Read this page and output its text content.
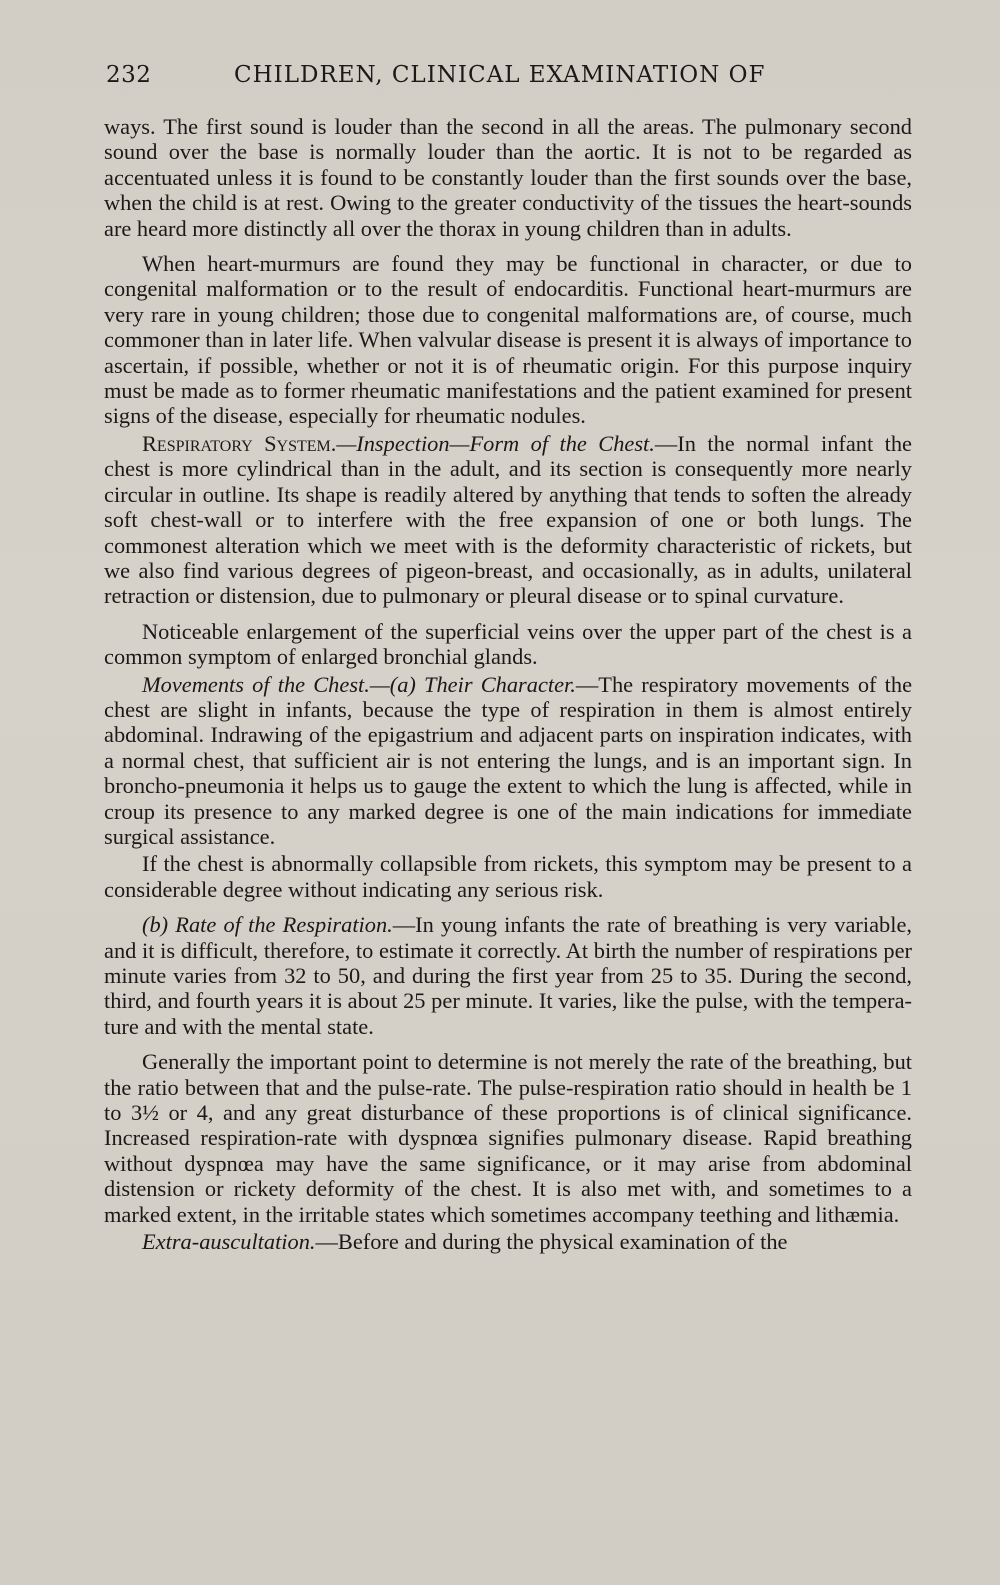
232	CHILDREN, CLINICAL EXAMINATION OF

ways. The first sound is louder than the second in all the areas. The pulmonary second sound over the base is normally louder than the aortic. It is not to be regarded as accentuated unless it is found to be constantly louder than the first sounds over the base, when the child is at rest. Owing to the greater conductivity of the tissues the heart-sounds are heard more distinctly all over the thorax in young children than in adults.

When heart-murmurs are found they may be functional in character, or due to congenital malformation or to the result of endocarditis. Functional heart-murmurs are very rare in young children; those due to congenital malformations are, of course, much commoner than in later life. When valvular disease is present it is always of importance to ascertain, if possible, whether or not it is of rheumatic origin. For this purpose inquiry must be made as to former rheumatic manifestations and the patient examined for present signs of the disease, especially for rheumatic nodules.

Respiratory System.—Inspection—Form of the Chest.—In the normal infant the chest is more cylindrical than in the adult, and its section is consequently more nearly circular in outline. Its shape is readily altered by anything that tends to soften the already soft chest-wall or to interfere with the free expansion of one or both lungs. The commonest alteration which we meet with is the deformity characteristic of rickets, but we also find various degrees of pigeon-breast, and occasionally, as in adults, unilateral retraction or distension, due to pulmonary or pleural disease or to spinal curvature.

Noticeable enlargement of the superficial veins over the upper part of the chest is a common symptom of enlarged bronchial glands.

Movements of the Chest.—(a) Their Character.—The respiratory movements of the chest are slight in infants, because the type of respiration in them is almost entirely abdominal. Indrawing of the epigastrium and adjacent parts on inspiration indicates, with a normal chest, that sufficient air is not entering the lungs, and is an important sign. In broncho-pneumonia it helps us to gauge the extent to which the lung is affected, while in croup its presence to any marked degree is one of the main indications for immediate surgical assistance.

If the chest is abnormally collapsible from rickets, this symptom may be present to a considerable degree without indicating any serious risk.

(b) Rate of the Respiration.—In young infants the rate of breathing is very variable, and it is difficult, therefore, to estimate it correctly. At birth the number of respirations per minute varies from 32 to 50, and during the first year from 25 to 35. During the second, third, and fourth years it is about 25 per minute. It varies, like the pulse, with the temperature and with the mental state.

Generally the important point to determine is not merely the rate of the breathing, but the ratio between that and the pulse-rate. The pulse-respiration ratio should in health be 1 to 3½ or 4, and any great disturbance of these proportions is of clinical significance. Increased respiration-rate with dyspnœa signifies pulmonary disease. Rapid breathing without dyspnœa may have the same significance, or it may arise from abdominal distension or rickety deformity of the chest. It is also met with, and sometimes to a marked extent, in the irritable states which sometimes accompany teething and lithæmia.

Extra-auscultation.—Before and during the physical examination of the
